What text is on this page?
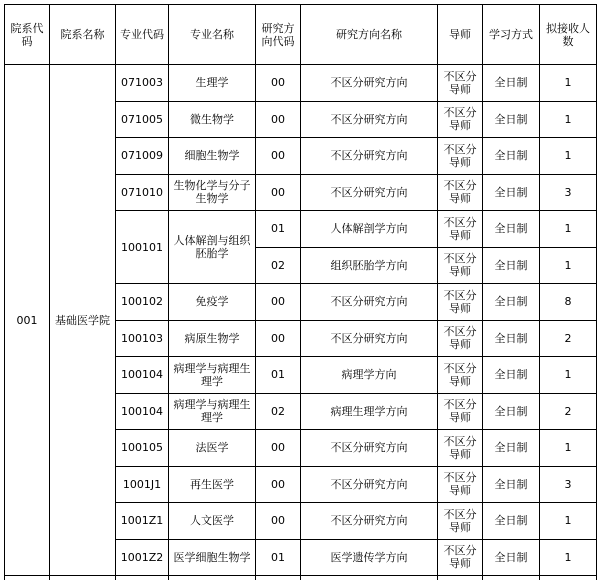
院系代码	院系名称	专业代码	专业名称	研究方向代码	研究方向名称	导师	学习方式	拟接收人数
001	基础医学院	071003	生理学	00	不区分研究方向	不区分导师	全日制	1
		071005	微生物学	00	不区分研究方向	不区分导师	全日制	1
		071009	细胞生物学	00	不区分研究方向	不区分导师	全日制	1
		071010	生物化学与分子生物学	00	不区分研究方向	不区分导师	全日制	3
		100101	人体解剖与组织胚胎学	01	人体解剖学方向	不区分导师	全日制	1
				02	组织胚胎学方向	不区分导师	全日制	1
		100102	免疫学	00	不区分研究方向	不区分导师	全日制	8
		100103	病原生物学	00	不区分研究方向	不区分导师	全日制	2
		100104	病理学与病理生理学	01	病理学方向	不区分导师	全日制	1
		100104	病理学与病理生理学	02	病理生理学方向	不区分导师	全日制	2
		100105	法医学	00	不区分研究方向	不区分导师	全日制	1
		1001J1	再生医学	00	不区分研究方向	不区分导师	全日制	3
		1001Z1	人文医学	00	不区分研究方向	不区分导师	全日制	1
		1001Z2	医学细胞生物学	01	医学遗传学方向	不区分导师	全日制	1
